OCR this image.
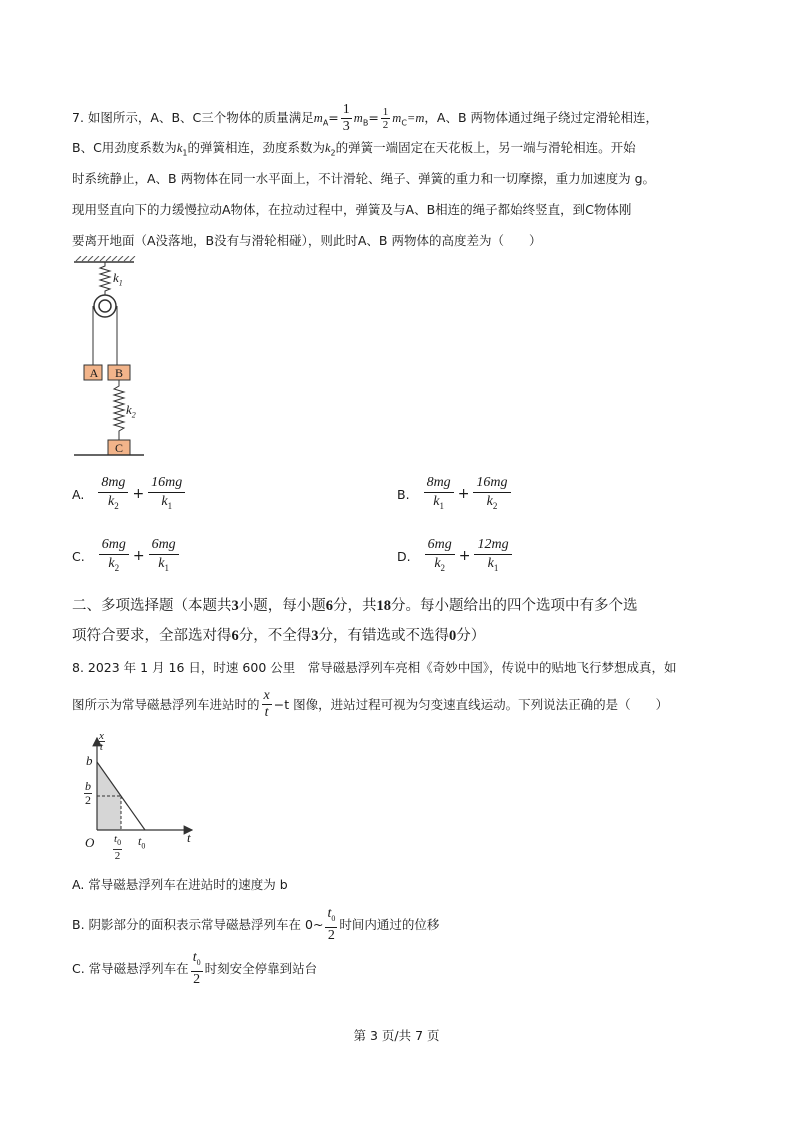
7. 如图所示，A、B、C三个物体的质量满足$m_A= \frac{1}{3} m_B= \frac{1}{2} m_C=m$，A、B 两物体通过绳子绕过定滑轮相连，
B、C用劲度系数为$k_1$的弹簧相连，劲度系数为$k_2$的弹簧一端固定在天花板上，另一端与滑轮相连。开始
时系统静止，A、B 两物体在同一水平面上，不计滑轮、绳子、弹簧的重力和一切摩擦，重力加速度为 g。
现用竖直向下的力缓慢拉动A物体，在拉动过程中，弹簧及与A、B相连的绳子都始终竖直，到C物体刚
要离开地面（A没落地，B没有与滑轮相碰），则此时A、B 两物体的高度差为（　　）
$k_1$
$k_2$
A	B
C
A.
8mg
$k_2$
+ $\frac{16mg}{k_1}$	B.
8mg
$k_1$
+ $\frac{16mg}{k_2}$
C.
6mg
$k_2$
+ $\frac{6mg}{k_1}$	D.
6mg
$k_2$
+ $\frac{12mg}{k_1}$
二、多项选择题（本题共3小题，每小题6分，共18分。每小题给出的四个选项中有多个选
项符合要求，全部选对得6分，不全得3分，有错选或不选得0分）
8. 2023 年 1 月 16 日，时速 600 公里　常导磁悬浮列车亮相《奇妙中国》，传说中的贴地飞行梦想成真，如
图所示为常导磁悬浮列车进站时的 $\frac{x}{t} -t$ 图像，进站过程可视为匀变速直线运动。下列说法正确的是（　　）
x
t
b
b
2
O	t
$t_0$
$t_0$
2
A. 常导磁悬浮列车在进站时的速度为 b
B. 阴影部分的面积表示常导磁悬浮列车在 0~ $\frac{t_0}{2}$ 时间内通过的位移
C. 常导磁悬浮列车在 $\frac{t_0}{2}$ 时刻安全停靠到站台
第 3 页/共 7 页
